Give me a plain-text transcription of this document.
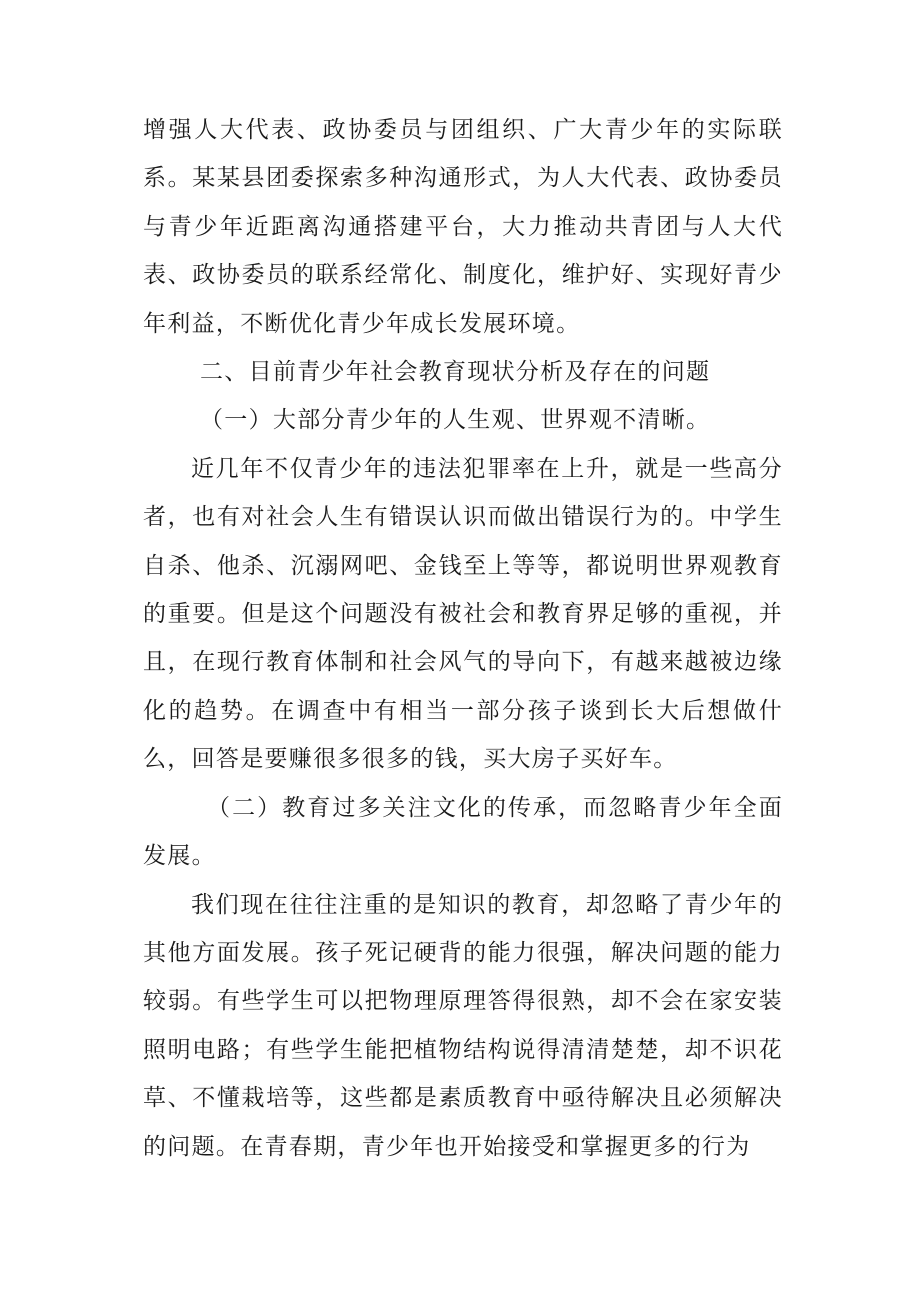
增强人大代表、政协委员与团组织、广大青少年的实际联系。某某县团委探索多种沟通形式，为人大代表、政协委员与青少年近距离沟通搭建平台，大力推动共青团与人大代表、政协委员的联系经常化、制度化，维护好、实现好青少年利益，不断优化青少年成长发展环境。

二、目前青少年社会教育现状分析及存在的问题

（一）大部分青少年的人生观、世界观不清晰。

近几年不仅青少年的违法犯罪率在上升，就是一些高分者，也有对社会人生有错误认识而做出错误行为的。中学生自杀、他杀、沉溺网吧、金钱至上等等，都说明世界观教育的重要。但是这个问题没有被社会和教育界足够的重视，并且，在现行教育体制和社会风气的导向下，有越来越被边缘化的趋势。在调查中有相当一部分孩子谈到长大后想做什么，回答是要赚很多很多的钱，买大房子买好车。

（二）教育过多关注文化的传承，而忽略青少年全面发展。

我们现在往往注重的是知识的教育，却忽略了青少年的其他方面发展。孩子死记硬背的能力很强，解决问题的能力较弱。有些学生可以把物理原理答得很熟，却不会在家安装照明电路；有些学生能把植物结构说得清清楚楚，却不识花草、不懂栽培等，这些都是素质教育中亟待解决且必须解决的问题。在青春期，青少年也开始接受和掌握更多的行为
